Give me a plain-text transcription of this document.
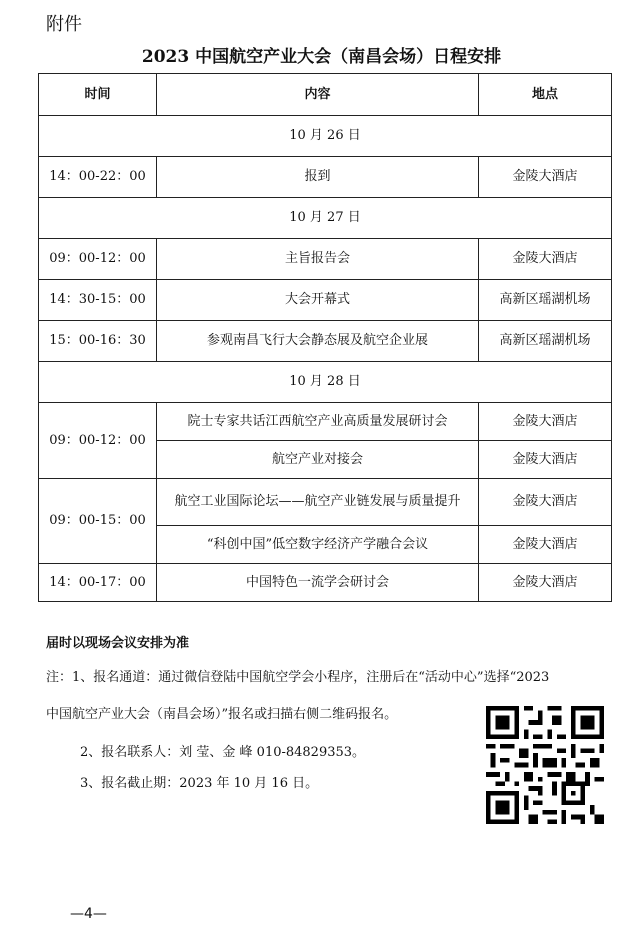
附件
2023 中国航空产业大会（南昌会场）日程安排
时间	内容	地点
10 月 26 日		
14：00-22：00	报到	金陵大酒店
10 月 27 日		
09：00-12：00	主旨报告会	金陵大酒店
14：30-15：00	大会开幕式	高新区瑶湖机场
15：00-16：30	参观南昌飞行大会静态展及航空企业展	高新区瑶湖机场
10 月 28 日		
09：00-12：00	院士专家共话江西航空产业高质量发展研讨会	金陵大酒店
	航空产业对接会	金陵大酒店
09：00-15：00	航空工业国际论坛——航空产业链发展与质量提升	金陵大酒店
	“科创中国”低空数字经济产学融合会议	金陵大酒店
14：00-17：00	中国特色一流学会研讨会	金陵大酒店
届时以现场会议安排为准
注：1、报名通道：通过微信登陆中国航空学会小程序，注册后在“活动中心”选择“2023
中国航空产业大会（南昌会场）”报名或扫描右侧二维码报名。
2、报名联系人：刘 莹、金 峰 010-84829353。
3、报名截止期：2023 年 10 月 16 日。
—4—
